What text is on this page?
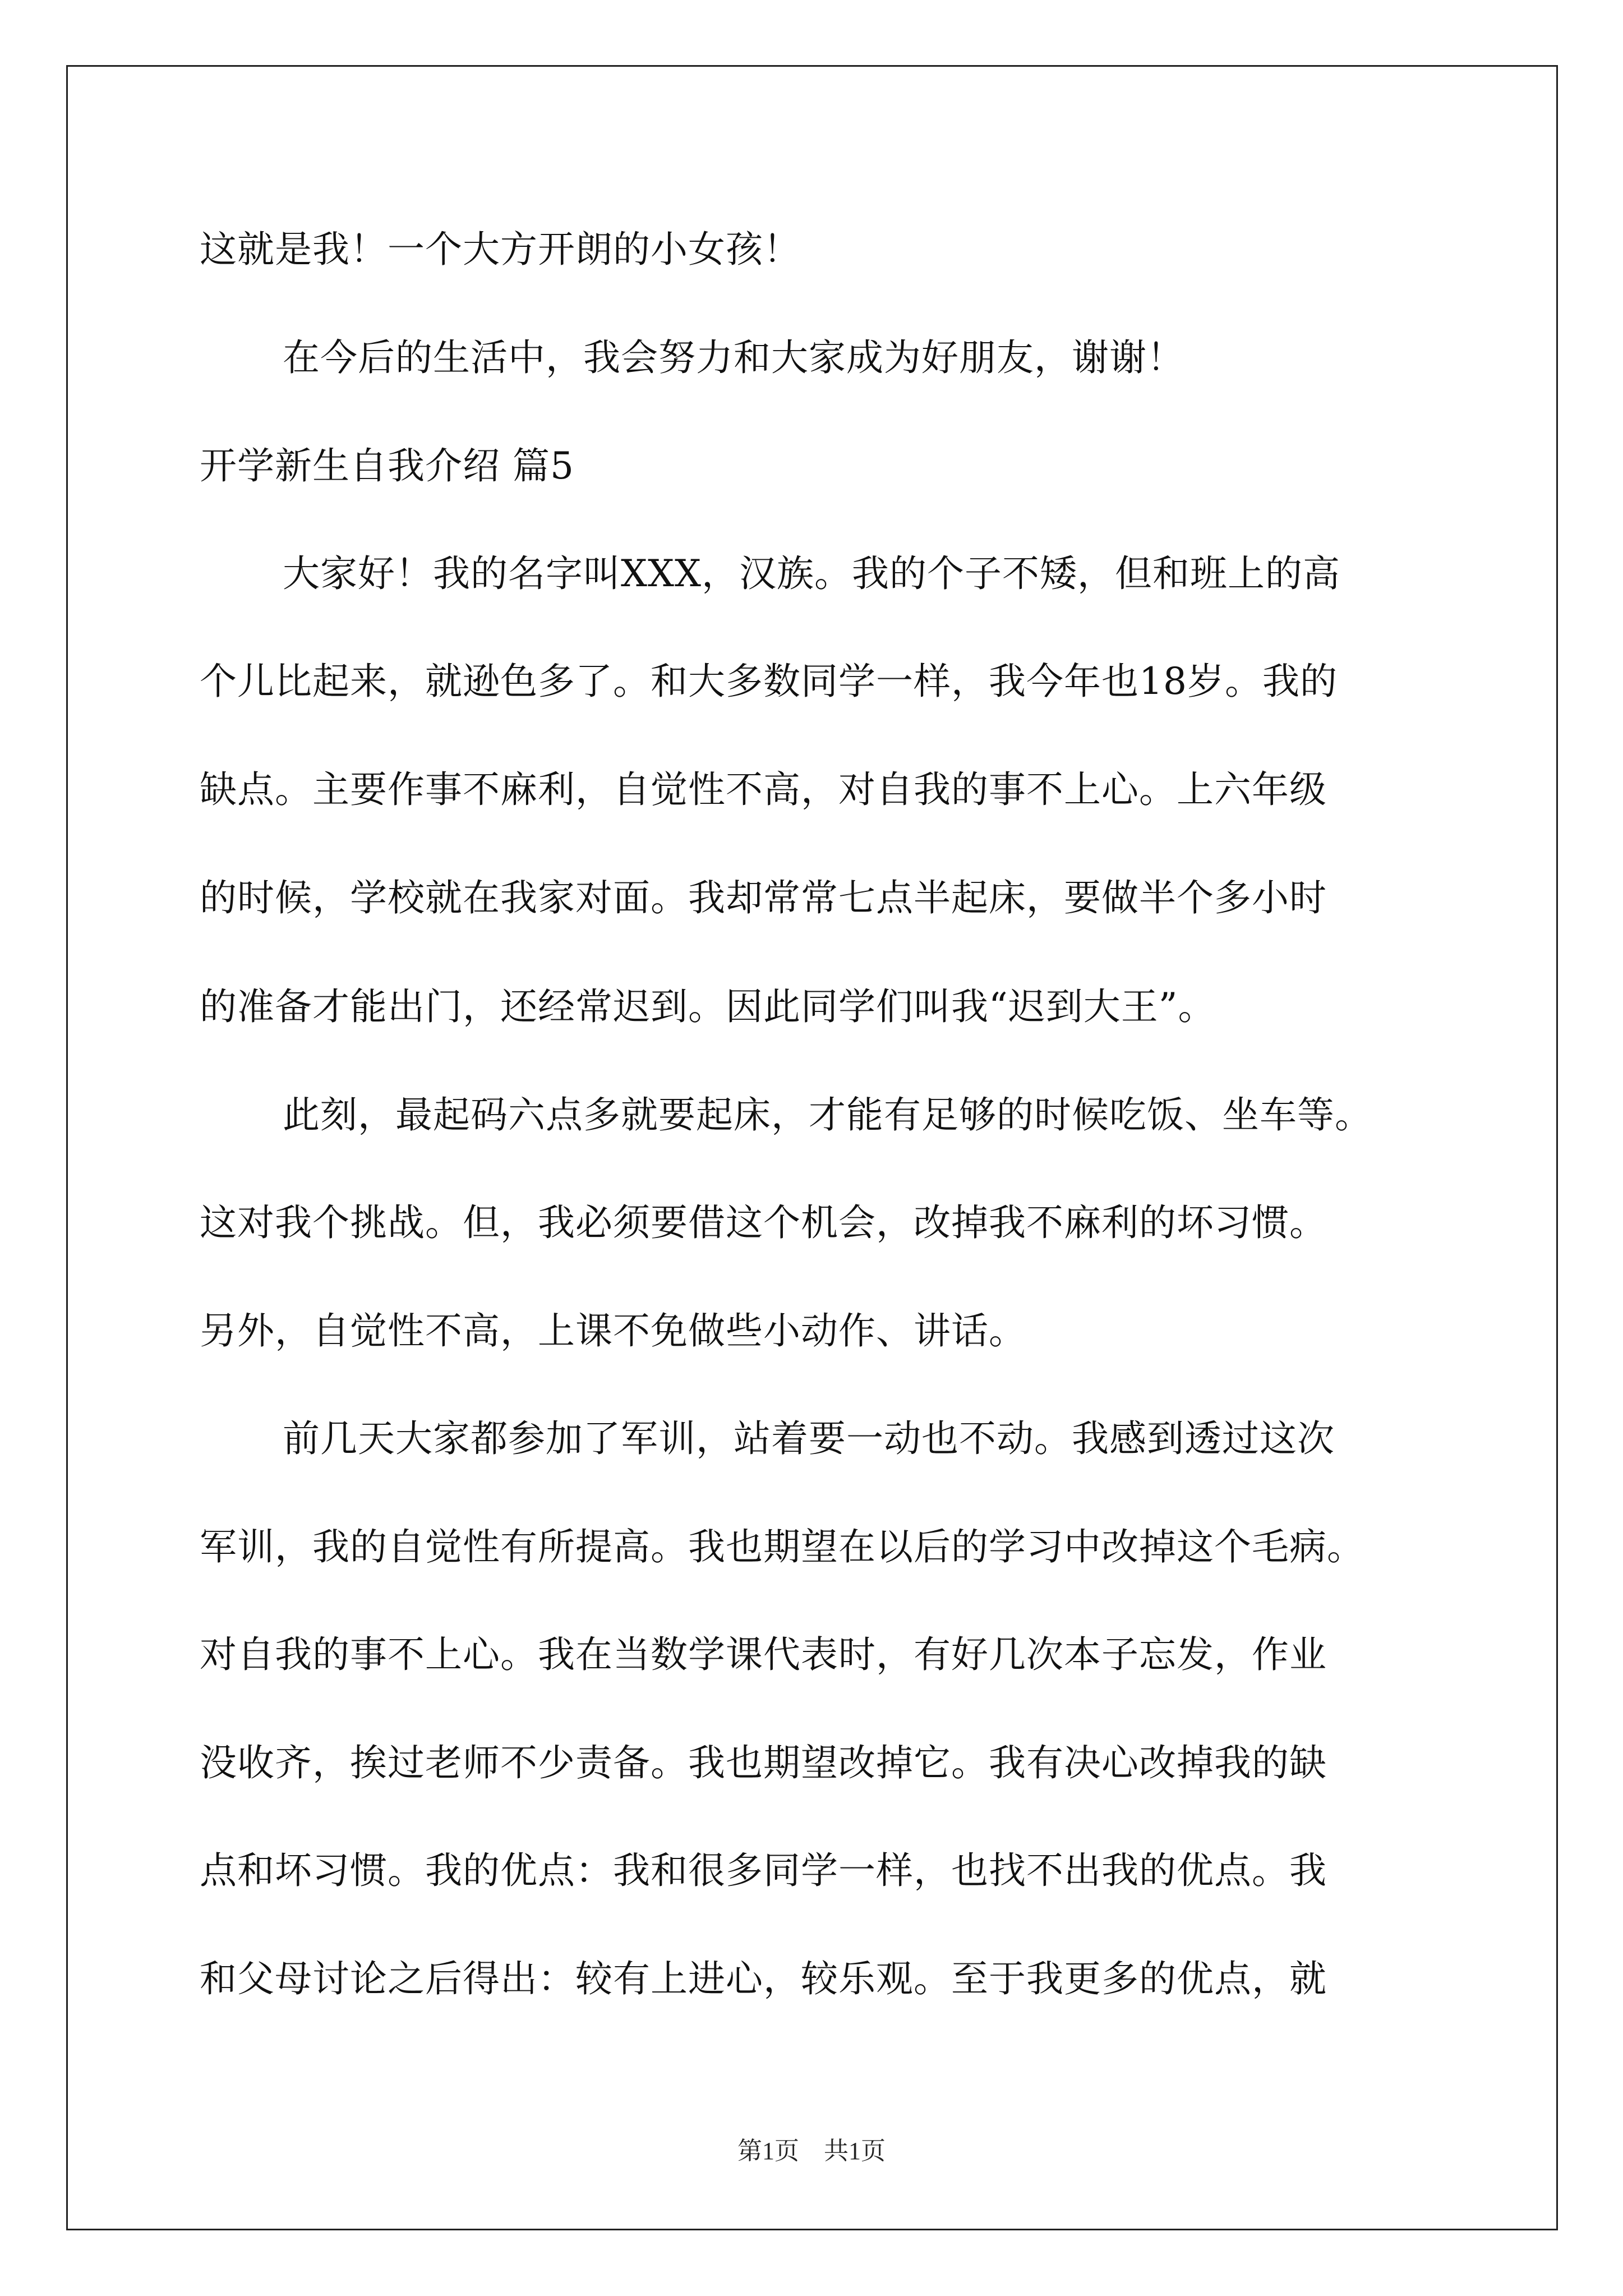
这就是我！一个大方开朗的小女孩！
在今后的生活中，我会努力和大家成为好朋友，谢谢！
开学新生自我介绍 篇5
大家好！我的名字叫XXX，汉族。我的个子不矮，但和班上的高
个儿比起来，就逊色多了。和大多数同学一样，我今年也18岁。我的
缺点。主要作事不麻利，自觉性不高，对自我的事不上心。上六年级
的时候，学校就在我家对面。我却常常七点半起床，要做半个多小时
的准备才能出门，还经常迟到。因此同学们叫我“迟到大王”。
此刻，最起码六点多就要起床，才能有足够的时候吃饭、坐车等。
这对我个挑战。但，我必须要借这个机会，改掉我不麻利的坏习惯。
另外，自觉性不高，上课不免做些小动作、讲话。
前几天大家都参加了军训，站着要一动也不动。我感到透过这次
军训，我的自觉性有所提高。我也期望在以后的学习中改掉这个毛病。
对自我的事不上心。我在当数学课代表时，有好几次本子忘发，作业
没收齐，挨过老师不少责备。我也期望改掉它。我有决心改掉我的缺
点和坏习惯。我的优点：我和很多同学一样，也找不出我的优点。我
和父母讨论之后得出：较有上进心，较乐观。至于我更多的优点，就
第1页　共1页
